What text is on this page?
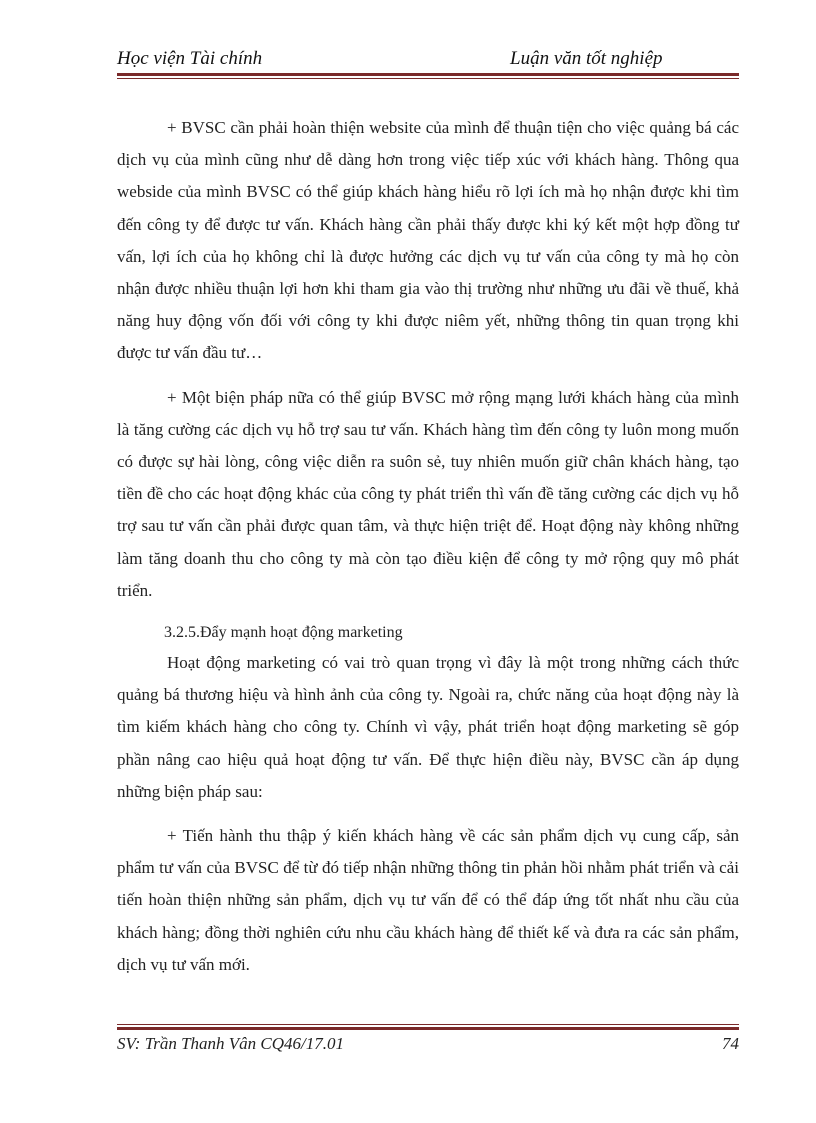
Học viện Tài chính	Luận văn tốt nghiệp

+ BVSC cần phải hoàn thiện website của mình để thuận tiện cho việc quảng bá các dịch vụ của mình cũng như dễ dàng hơn trong việc tiếp xúc với khách hàng. Thông qua webside của mình BVSC có thể giúp khách hàng hiểu rõ lợi ích mà họ nhận được khi tìm đến công ty để được tư vấn. Khách hàng cần phải thấy được khi ký kết một hợp đồng tư vấn, lợi ích của họ không chỉ là được hưởng các dịch vụ tư vấn của công ty mà họ còn nhận được nhiều thuận lợi hơn khi tham gia vào thị trường như những ưu đãi về thuế, khả năng huy động vốn đối với công ty khi được niêm yết, những thông tin quan trọng khi được tư vấn đầu tư…

+ Một biện pháp nữa có thể giúp BVSC mở rộng mạng lưới khách hàng của mình là tăng cường các dịch vụ hỗ trợ sau tư vấn. Khách hàng tìm đến công ty luôn mong muốn có được sự hài lòng, công việc diễn ra suôn sẻ, tuy nhiên muốn giữ chân khách hàng, tạo tiền đề cho các hoạt động khác của công ty phát triển thì vấn đề tăng cường các dịch vụ hỗ trợ sau tư vấn cần phải được quan tâm, và thực hiện triệt để. Hoạt động này không những làm tăng doanh thu cho công ty mà còn tạo điều kiện để công ty mở rộng quy mô phát triển.

3.2.5.Đẩy mạnh hoạt động marketing

Hoạt động marketing có vai trò quan trọng vì đây là một trong những cách thức quảng bá thương hiệu và hình ảnh của công ty. Ngoài ra, chức năng của hoạt động này là tìm kiếm khách hàng cho công ty. Chính vì vậy, phát triển hoạt động marketing sẽ góp phần nâng cao hiệu quả hoạt động tư vấn. Để thực hiện điều này, BVSC cần áp dụng những biện pháp sau:

+ Tiến hành thu thập ý kiến khách hàng về các sản phẩm dịch vụ cung cấp, sản phẩm tư vấn của BVSC để từ đó tiếp nhận những thông tin phản hồi nhằm phát triển và cải tiến hoàn thiện những sản phẩm, dịch vụ tư vấn để có thể đáp ứng tốt nhất nhu cầu của khách hàng; đồng thời nghiên cứu nhu cầu khách hàng để thiết kế và đưa ra các sản phẩm, dịch vụ tư vấn mới.

SV: Trần Thanh Vân CQ46/17.01	74
